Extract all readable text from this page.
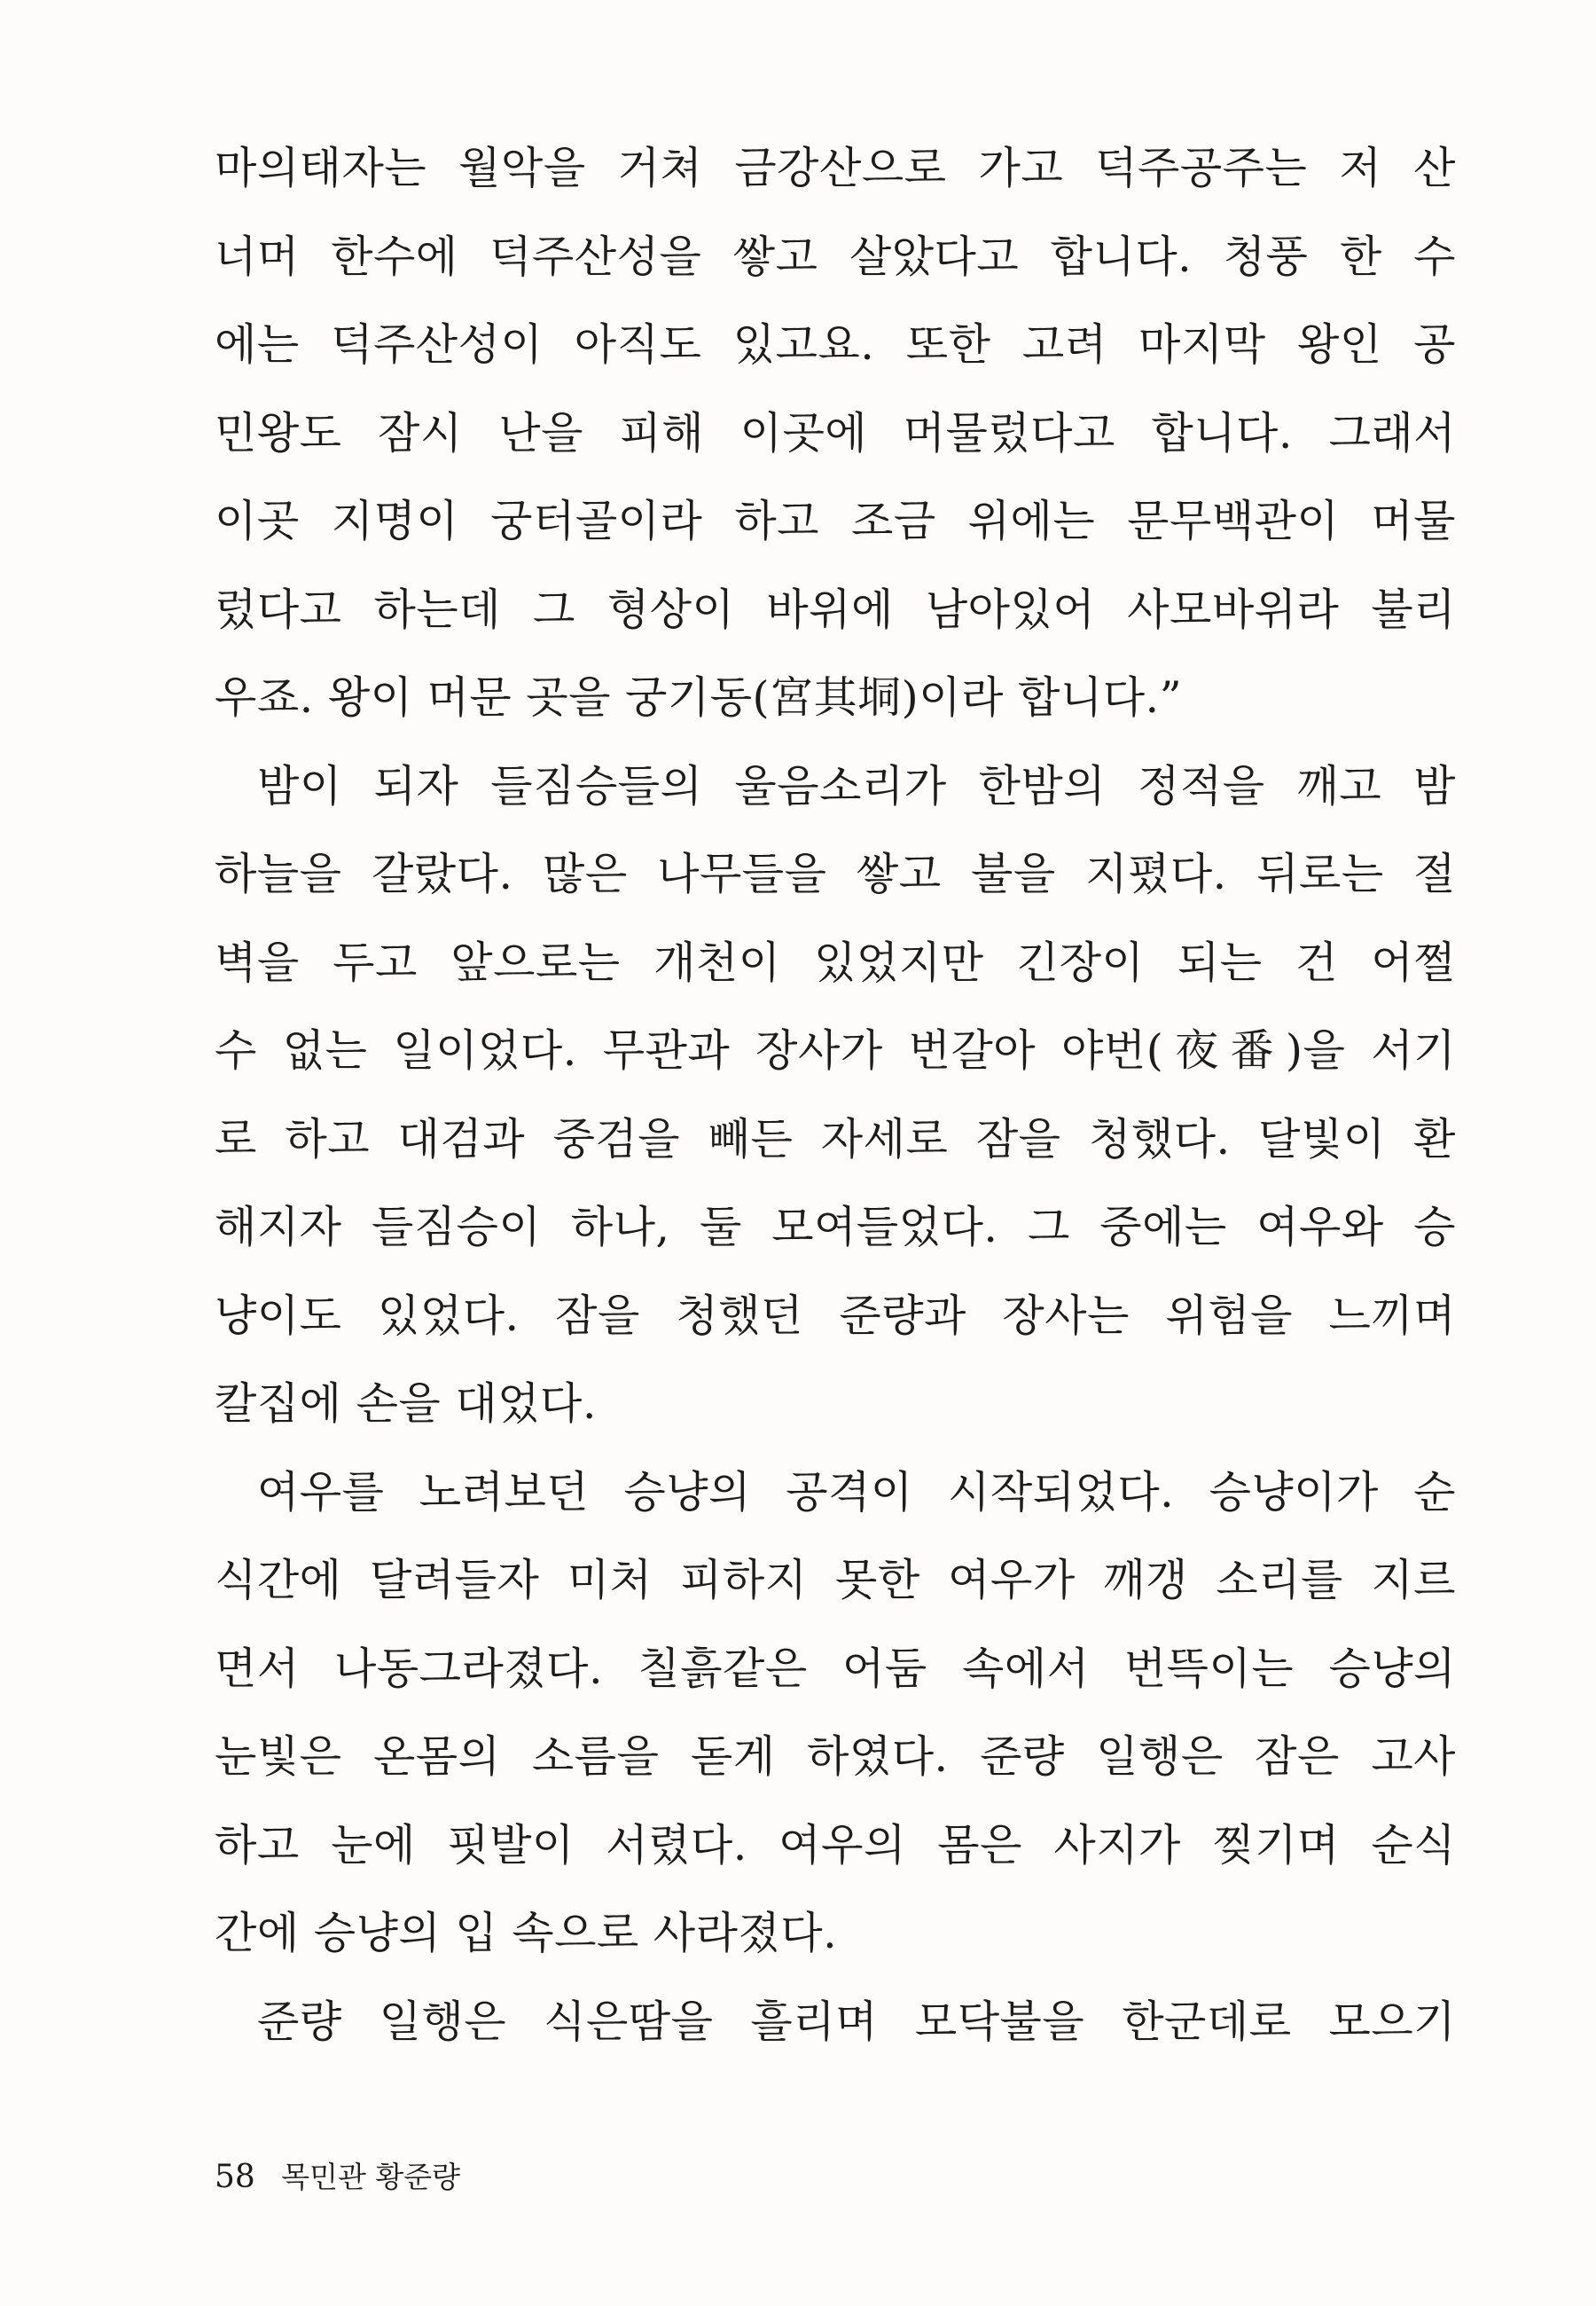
마의태자는 월악을 거쳐 금강산으로 가고 덕주공주는 저 산
너머 한수에 덕주산성을 쌓고 살았다고 합니다. 청풍 한 수
에는 덕주산성이 아직도 있고요. 또한 고려 마지막 왕인 공
민왕도 잠시 난을 피해 이곳에 머물렀다고 합니다. 그래서
이곳 지명이 궁터골이라 하고 조금 위에는 문무백관이 머물
렀다고 하는데 그 형상이 바위에 남아있어 사모바위라 불리
우죠. 왕이 머문 곳을 궁기동(宮其垌)이라 합니다.”
밤이 되자 들짐승들의 울음소리가 한밤의 정적을 깨고 밤
하늘을 갈랐다. 많은 나무들을 쌓고 불을 지폈다. 뒤로는 절
벽을 두고 앞으로는 개천이 있었지만 긴장이 되는 건 어쩔
수 없는 일이었다. 무관과 장사가 번갈아 야번(夜番)을 서기
로 하고 대검과 중검을 빼든 자세로 잠을 청했다. 달빛이 환
해지자 들짐승이 하나, 둘 모여들었다. 그 중에는 여우와 승
냥이도 있었다. 잠을 청했던 준량과 장사는 위험을 느끼며
칼집에 손을 대었다.
여우를 노려보던 승냥의 공격이 시작되었다. 승냥이가 순
식간에 달려들자 미처 피하지 못한 여우가 깨갱 소리를 지르
면서 나동그라졌다. 칠흙같은 어둠 속에서 번뜩이는 승냥의
눈빛은 온몸의 소름을 돋게 하였다. 준량 일행은 잠은 고사
하고 눈에 핏발이 서렸다. 여우의 몸은 사지가 찢기며 순식
간에 승냥의 입 속으로 사라졌다.
준량 일행은 식은땀을 흘리며 모닥불을 한군데로 모으기
58 목민관 황준량
